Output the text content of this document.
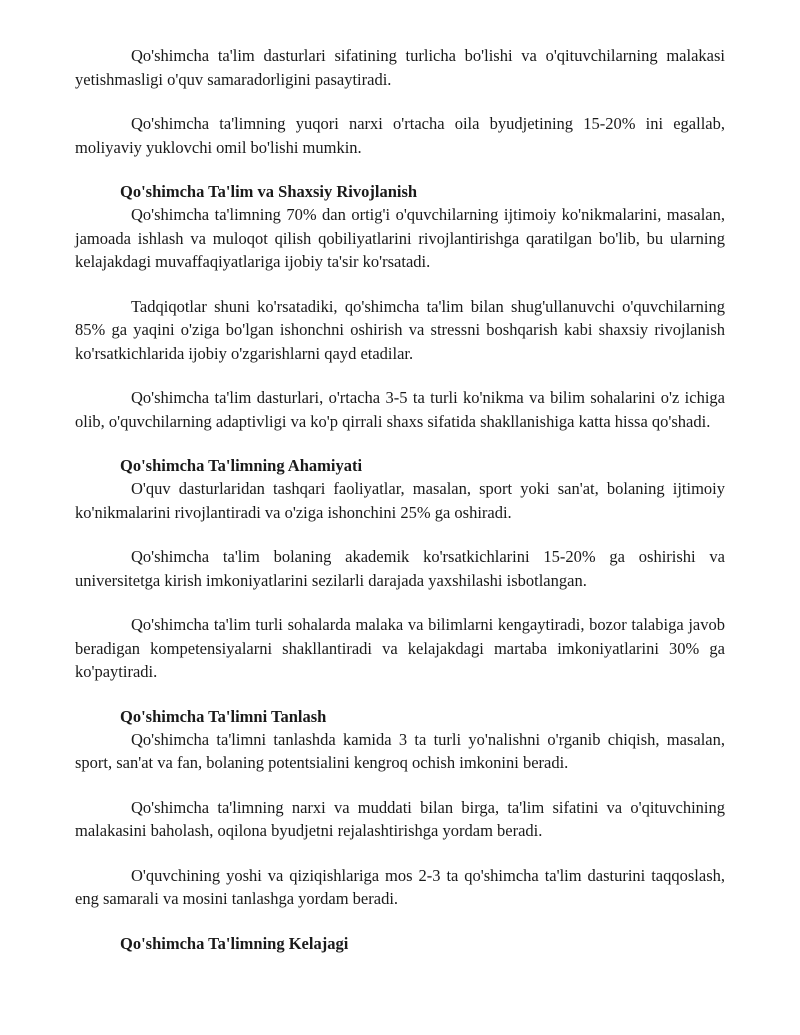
Qo'shimcha ta'lim dasturlari sifatining turlicha bo'lishi va o'qituvchilarning malakasi yetishmasligi o'quv samaradorligini pasaytiradi.

Qo'shimcha ta'limning yuqori narxi o'rtacha oila byudjetining 15-20% ini egallab, moliyaviy yuklovchi omil bo'lishi mumkin.

Qo'shimcha Ta'lim va Shaxsiy Rivojlanish

Qo'shimcha ta'limning 70% dan ortig'i o'quvchilarning ijtimoiy ko'nikmalarini, masalan, jamoada ishlash va muloqot qilish qobiliyatlarini rivojlantirishga qaratilgan bo'lib, bu ularning kelajakdagi muvaffaqiyatlariga ijobiy ta'sir ko'rsatadi.

Tadqiqotlar shuni ko'rsatadiki, qo'shimcha ta'lim bilan shug'ullanuvchi o'quvchilarning 85% ga yaqini o'ziga bo'lgan ishonchni oshirish va stressni boshqarish kabi shaxsiy rivojlanish ko'rsatkichlarida ijobiy o'zgarishlarni qayd etadilar.

Qo'shimcha ta'lim dasturlari, o'rtacha 3-5 ta turli ko'nikma va bilim sohalarini o'z ichiga olib, o'quvchilarning adaptivligi va ko'p qirrali shaxs sifatida shakllanishiga katta hissa qo'shadi.

Qo'shimcha Ta'limning Ahamiyati

O'quv dasturlaridan tashqari faoliyatlar, masalan, sport yoki san'at, bolaning ijtimoiy ko'nikmalarini rivojlantiradi va o'ziga ishonchini 25% ga oshiradi.

Qo'shimcha ta'lim bolaning akademik ko'rsatkichlarini 15-20% ga oshirishi va universitetga kirish imkoniyatlarini sezilarli darajada yaxshilashi isbotlangan.

Qo'shimcha ta'lim turli sohalarda malaka va bilimlarni kengaytiradi, bozor talabiga javob beradigan kompetensiyalarni shakllantiradi va kelajakdagi martaba imkoniyatlarini 30% ga ko'paytiradi.

Qo'shimcha Ta'limni Tanlash

Qo'shimcha ta'limni tanlashda kamida 3 ta turli yo'nalishni o'rganib chiqish, masalan, sport, san'at va fan, bolaning potentsialini kengroq ochish imkonini beradi.

Qo'shimcha ta'limning narxi va muddati bilan birga, ta'lim sifatini va o'qituvchining malakasini baholash, oqilona byudjetni rejalashtirishga yordam beradi.

O'quvchining yoshi va qiziqishlariga mos 2-3 ta qo'shimcha ta'lim dasturini taqqoslash, eng samarali va mosini tanlashga yordam beradi.

Qo'shimcha Ta'limning Kelajagi
